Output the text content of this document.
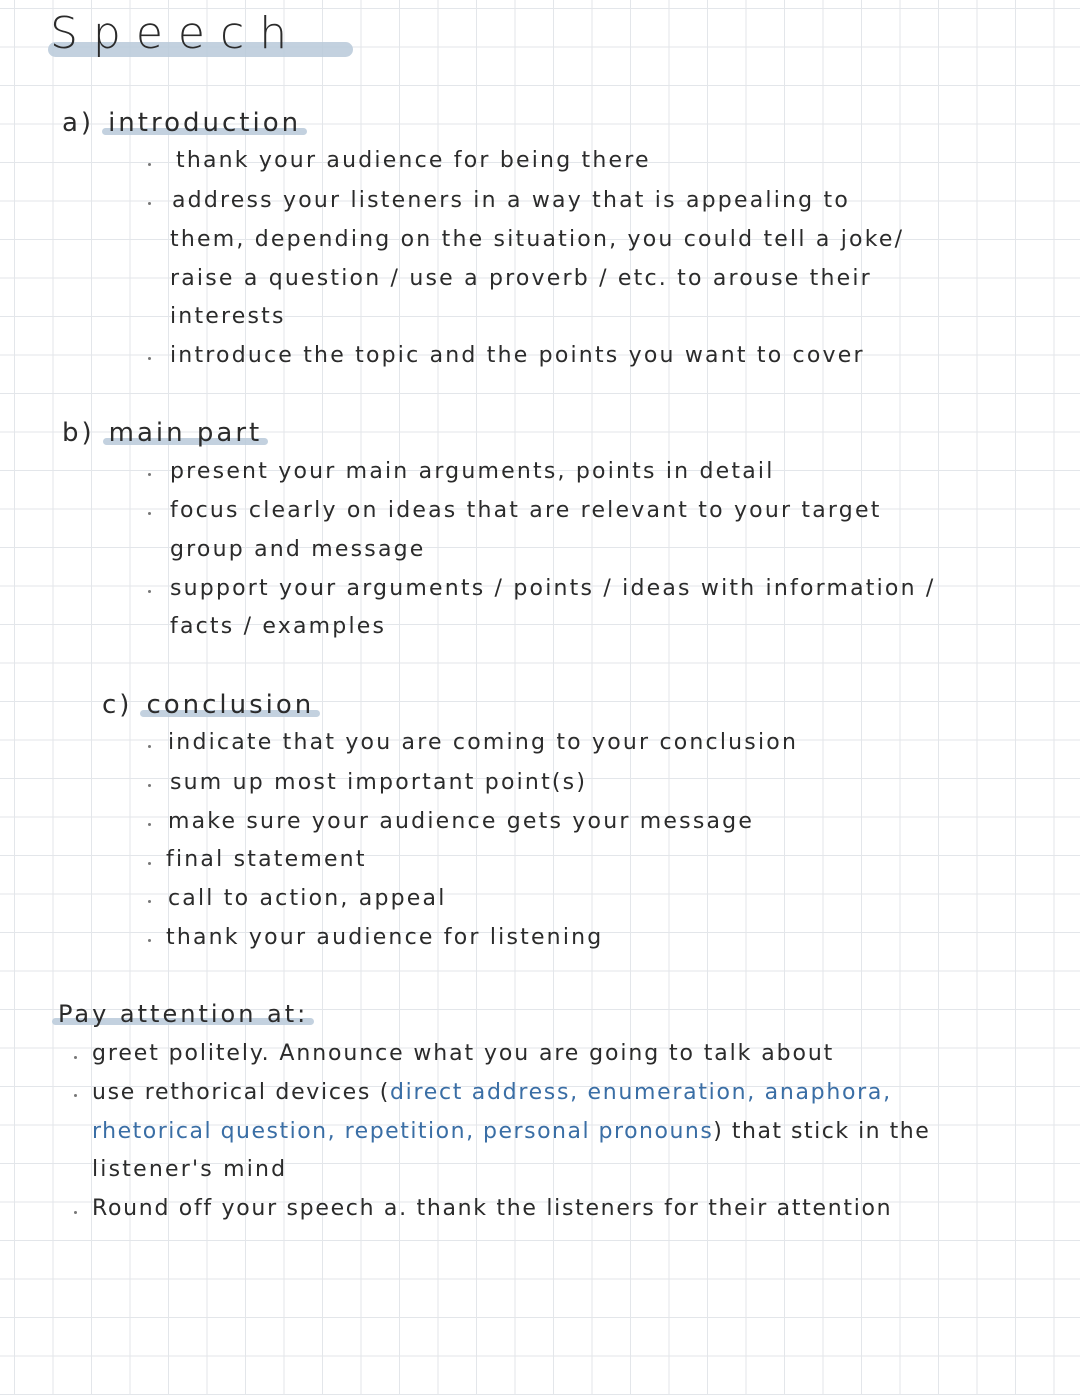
Speech
a) introduction
thank your audience for being there
address your listeners in a way that is appealing to
them, depending on the situation, you could tell a joke/
raise a question / use a proverb / etc. to arouse their
interests
introduce the topic and the points you want to cover
b) main part
present your main arguments, points in detail
focus clearly on ideas that are relevant to your target
group and message
support your arguments / points / ideas with information /
facts / examples
c) conclusion
indicate that you are coming to your conclusion
sum up most important point(s)
make sure your audience gets your message
final statement
call to action, appeal
thank your audience for listening
Pay attention at:
greet politely. Announce what you are going to talk about
use rethorical devices (direct address, enumeration, anaphora,
rhetorical question, repetition, personal pronouns) that stick in the
listener's mind
Round off your speech a. thank the listeners for their attention
